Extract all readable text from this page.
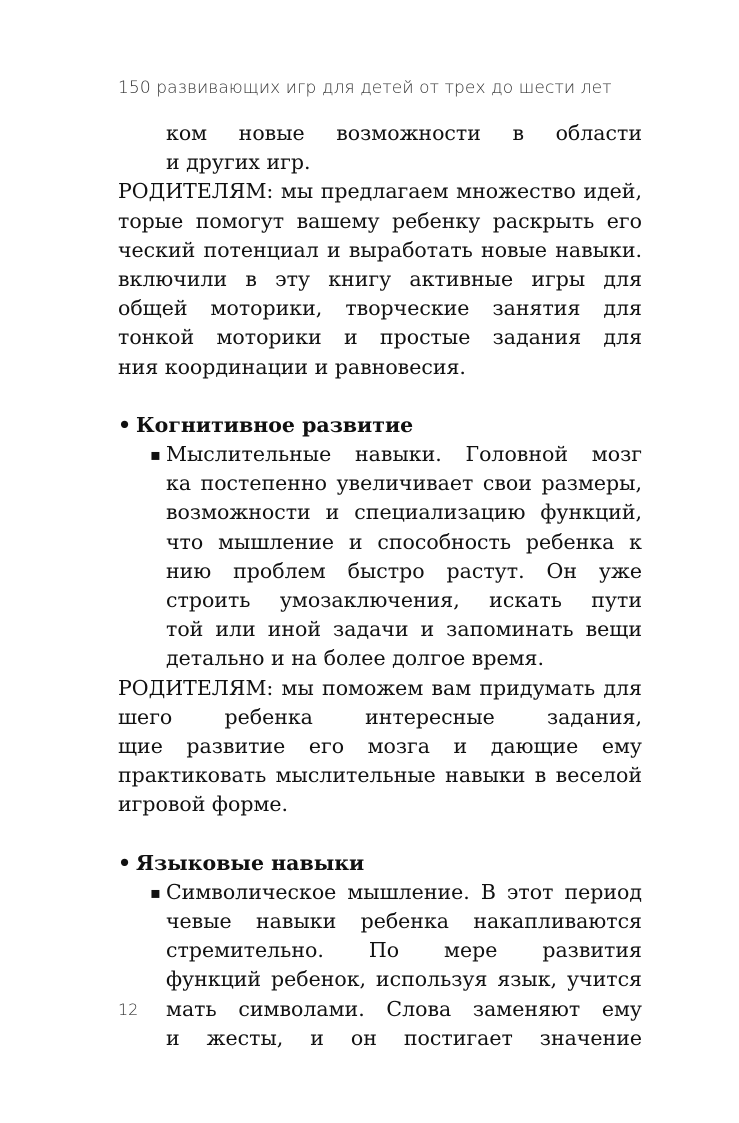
150 развивающих игр для детей от трех до шести лет
ком новые возможности в области
и других игр.
РОДИТЕЛЯМ: мы предлагаем множество идей,
торые помогут вашему ребенку раскрыть его
ческий потенциал и выработать новые навыки.
включили в эту книгу активные игры для
общей моторики, творческие занятия для
тонкой моторики и простые задания для
ния координации и равновесия.
• Когнитивное развитие
▪ Мыслительные навыки. Головной мозг
ка постепенно увеличивает свои размеры,
возможности и специализацию функций,
что мышление и способность ребенка к
нию проблем быстро растут. Он уже
строить умозаключения, искать пути
той или иной задачи и запоминать вещи
детально и на более долгое время.
РОДИТЕЛЯМ: мы поможем вам придумать для
шего ребенка интересные задания,
щие развитие его мозга и дающие ему
практиковать мыслительные навыки в веселой
игровой форме.
• Языковые навыки
▪ Символическое мышление. В этот период
чевые навыки ребенка накапливаются
стремительно. По мере развития
функций ребенок, используя язык, учится
мать символами. Слова заменяют ему
и жесты, и он постигает значение
12
